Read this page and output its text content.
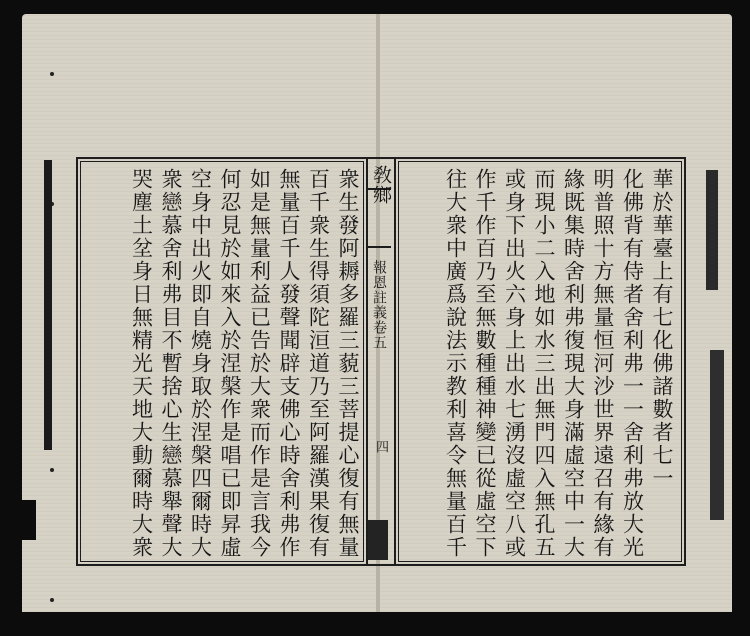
敎鄉
報恩註義卷五
四	華於華臺上有七化佛諸數者七一
化佛背有侍者舍利弗一一舍利弗放大光
明普照十方無量恒河沙世界遠召有緣有
緣既集時舍利弗復現大身滿虛空中一大
而現小二入地如水三出無門四入無孔五
或身下出火六身上出水七湧沒虛空八或
作千作百乃至無數種種神變已從虛空下
往大衆中廣爲說法示教利喜令無量百千
衆生發阿耨多羅三藐三菩提心復有無量
百千衆生得須陀洹道乃至阿羅漢果復有
無量百千人發聲聞辟支佛心時舍利弗作
如是無量利益已告於大衆而作是言我今
何忍見於如來入於涅槃作是唱已即昇虛
空身中出火即自燒身取於涅槃四爾時大
衆戀慕舍利弗目不暫捨心生戀慕舉聲大
哭塵土坌身日無精光天地大動爾時大衆
